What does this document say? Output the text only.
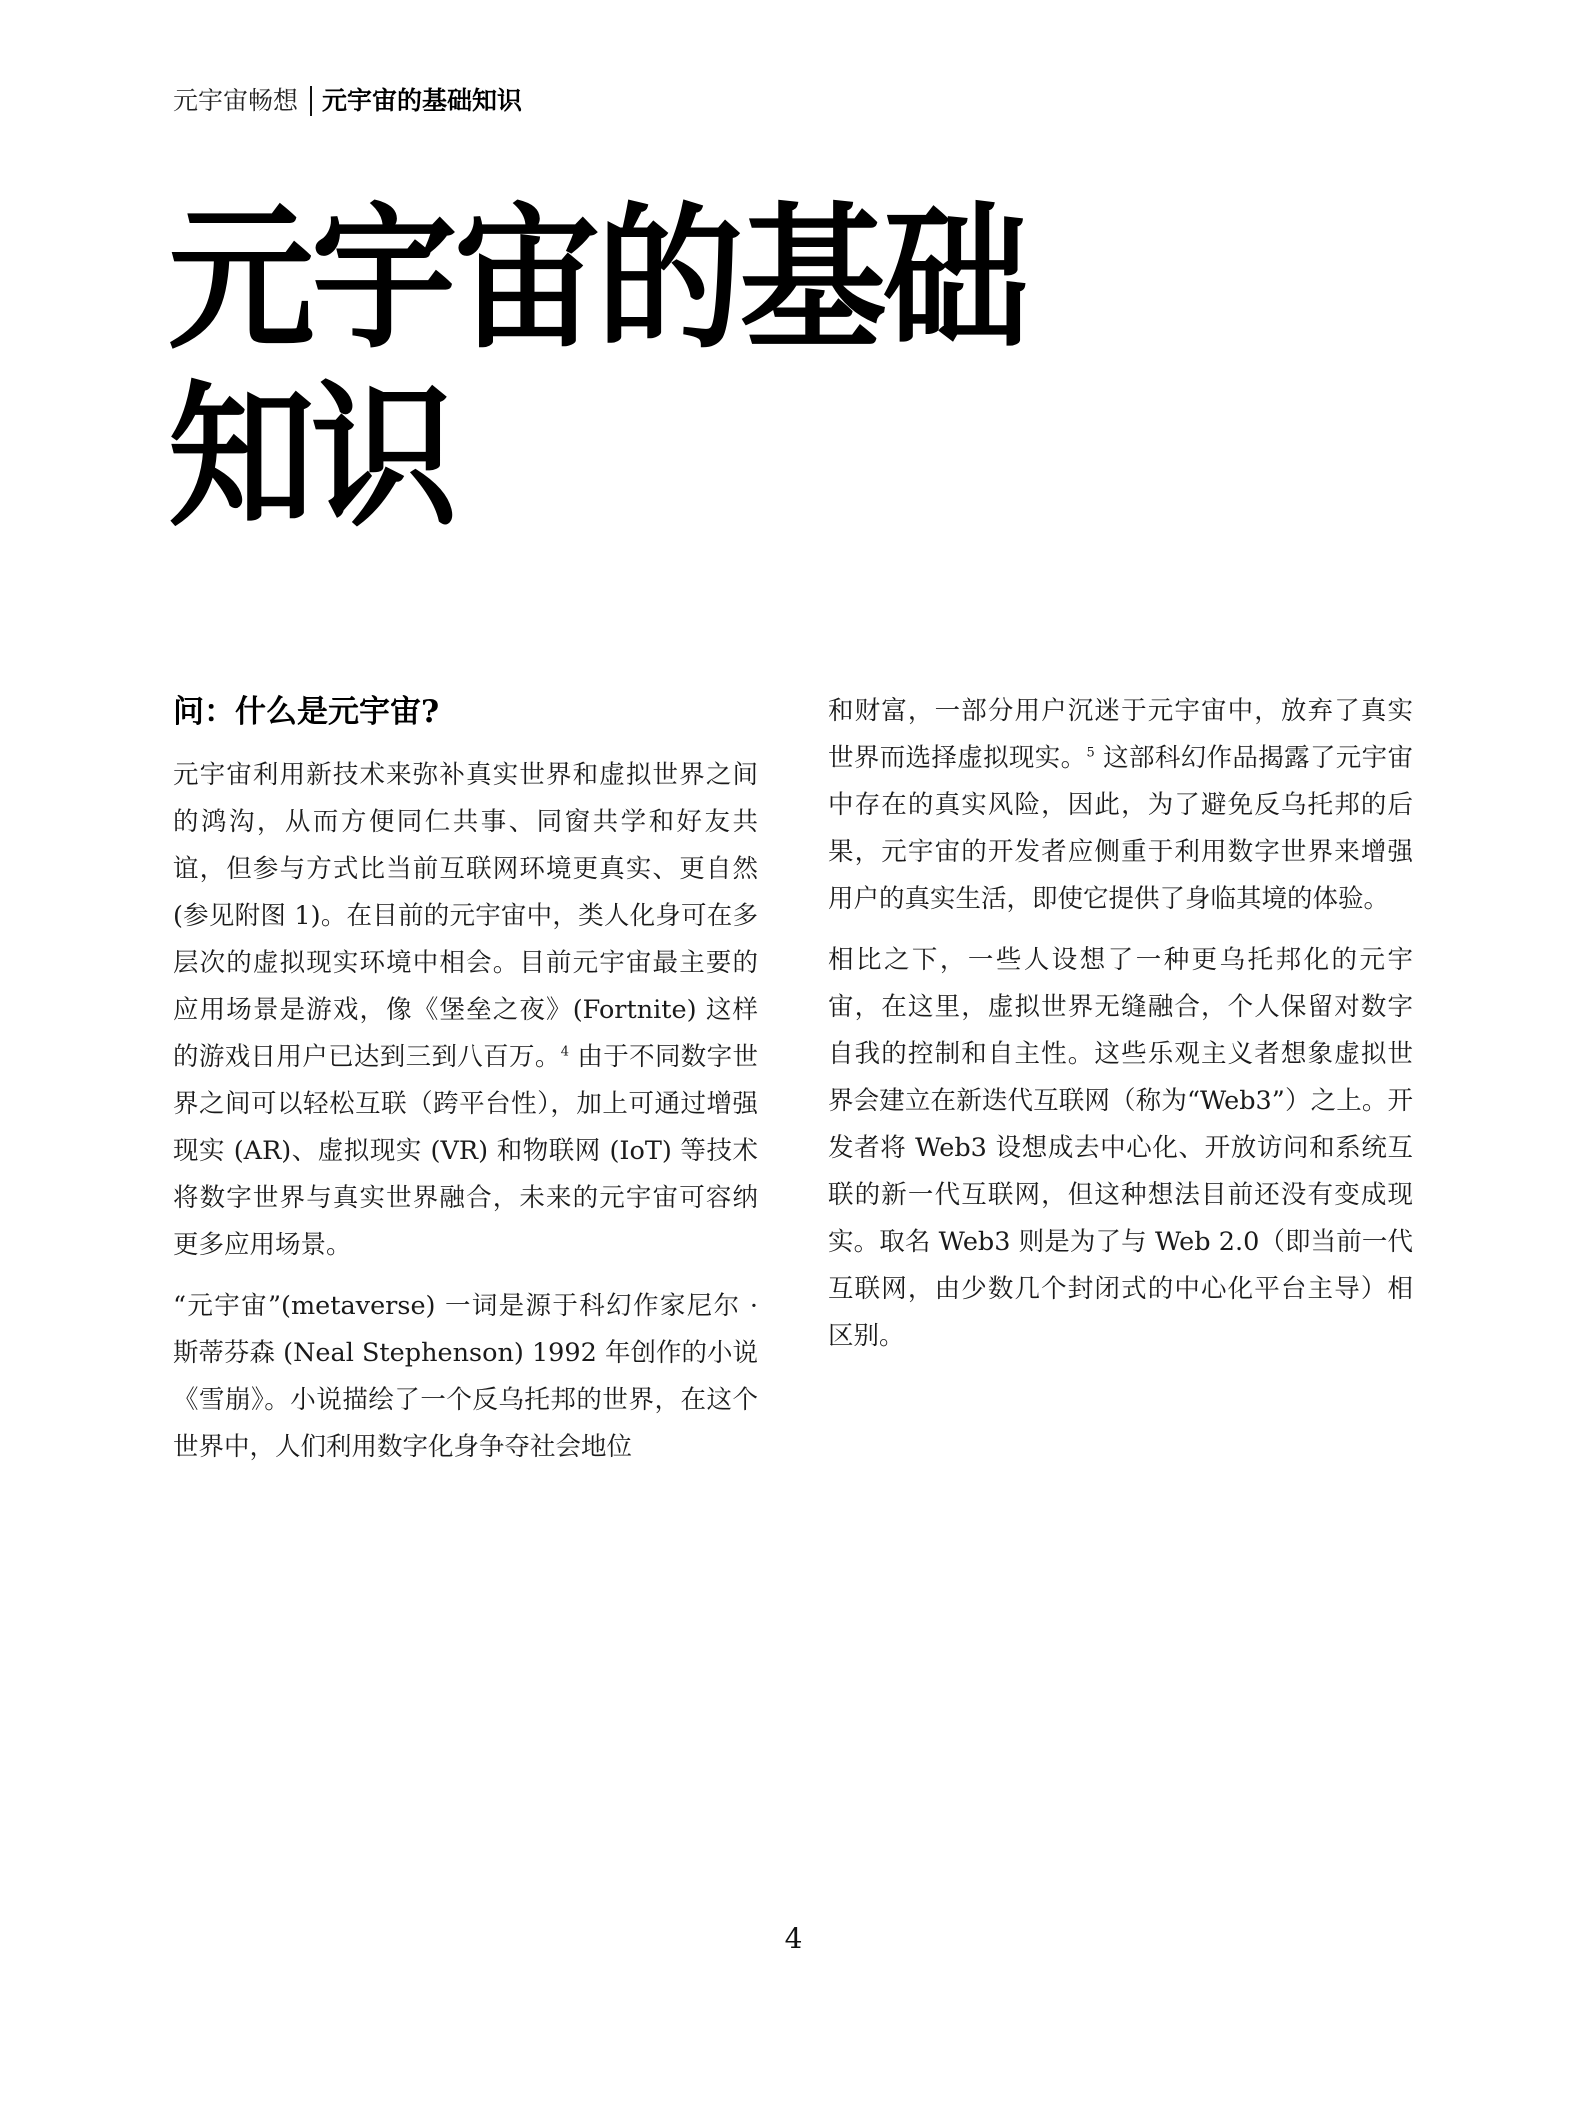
元宇宙畅想 元宇宙的基础知识
元宇宙的基础
知识
问：什么是元宇宙?

元宇宙利用新技术来弥补真实世界和虚拟世界之间的鸿沟，从而方便同仁共事、同窗共学和好友共谊，但参与方式比当前互联网环境更真实、更自然 (参见附图 1)。在目前的元宇宙中，类人化身可在多层次的虚拟现实环境中相会。目前元宇宙最主要的应用场景是游戏，像《堡垒之夜》(Fortnite) 这样的游戏日用户已达到三到八百万。$^4$ 由于不同数字世界之间可以轻松互联（跨平台性），加上可通过增强现实 (AR)、虚拟现实 (VR) 和物联网 (IoT) 等技术将数字世界与真实世界融合，未来的元宇宙可容纳更多应用场景。

“元宇宙”(metaverse) 一词是源于科幻作家尼尔 · 斯蒂芬森 (Neal Stephenson) 1992 年创作的小说《雪崩》。小说描绘了一个反乌托邦的世界，在这个世界中，人们利用数字化身争夺社会地位

和财富，一部分用户沉迷于元宇宙中，放弃了真实世界而选择虚拟现实。$^5$ 这部科幻作品揭露了元宇宙中存在的真实风险，因此，为了避免反乌托邦的后果，元宇宙的开发者应侧重于利用数字世界来增强用户的真实生活，即使它提供了身临其境的体验。

相比之下，一些人设想了一种更乌托邦化的元宇宙，在这里，虚拟世界无缝融合，个人保留对数字自我的控制和自主性。这些乐观主义者想象虚拟世界会建立在新迭代互联网（称为“Web3”）之上。开发者将 Web3 设想成去中心化、开放访问和系统互联的新一代互联网，但这种想法目前还没有变成现实。取名 Web3 则是为了与 Web 2.0（即当前一代互联网，由少数几个封闭式的中心化平台主导）相区别。

4
